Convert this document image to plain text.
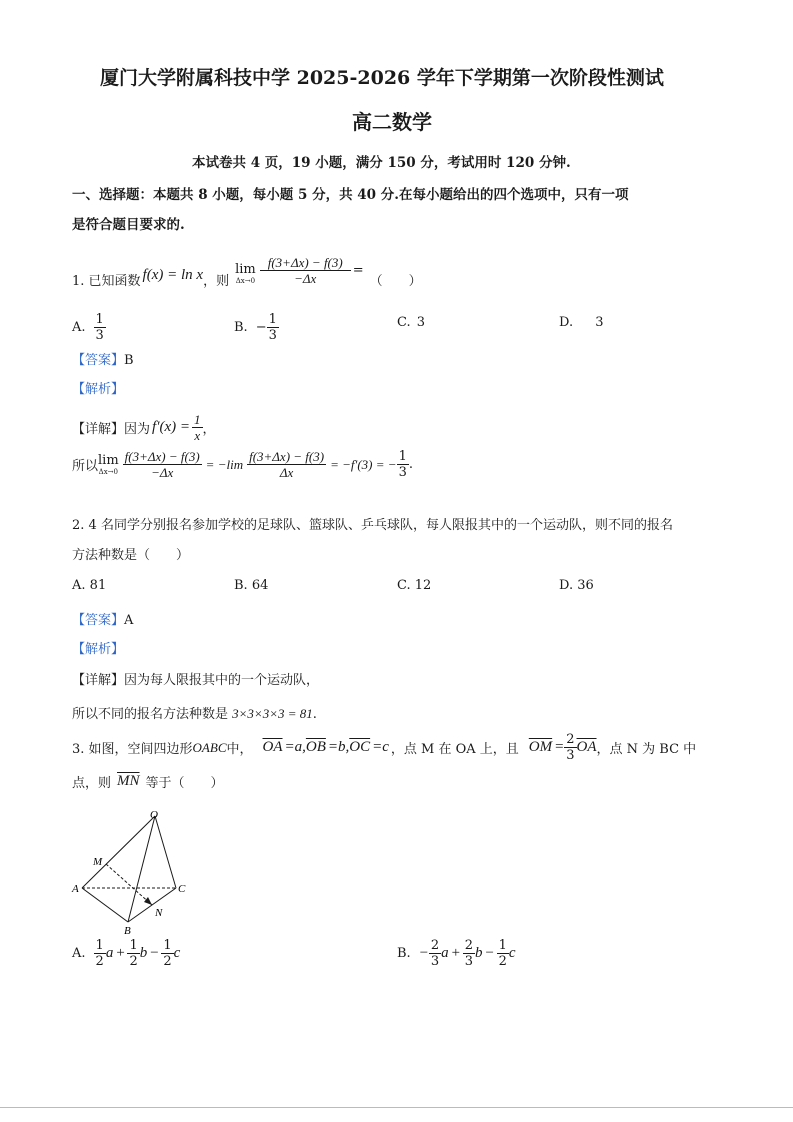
厦门大学附属科技中学 2025-2026 学年下学期第一次阶段性测试
高二数学
本试卷共 4 页，19 小题，满分 150 分，考试用时 120 分钟.
一、选择题：本题共 8 小题，每小题 5 分，共 40 分.在每小题给出的四个选项中，只有一项
是符合题目要求的.
1. 已知函数 f(x) = ln x ，则
lim
$\Delta x\to 0 \frac{f(3+\Delta x) - f(3)}{-\Delta x}$ =
（　　）
A. $\frac{1}{3}$	B. − $\frac{1}{3}$	C. 3	D. 3
【答案】B
【解析】
【详解】 因为 $f'(x) = \frac{1}{x}$ ，
所以 lim
$\Delta x\to 0 \frac{f(3+\Delta x) - f(3)}{-\Delta x} = -\lim \frac{f(3+\Delta x) - f(3)}{\Delta x} = -f'(3)$ = − $\frac{1}{3}$ .
2. 4 名同学分别报名参加学校的足球队、篮球队、乒乓球队，每人限报其中的一个运动队，则不同的报名
方法种数是（　　）
A. 81	B. 64	C. 12	D. 36
【答案】A
【解析】
【详解】因为每人限报其中的一个运动队，
所以不同的报名方法种数是 3×3×3×3 = 81.
3. 如图，空间四边形 OABC 中， $\overline{OA} =a$, $\overline{OB} =b$, $\overline{OC} =c$ ，点 M 在 OA 上，且 $\overline{OM} = \frac{2}{3} \overline{OA}$ ，点 N 为 BC 中
点，则 $\overline{MN}$ 等于（　　）
O
M
A	C
N
B
A. $\frac{1}{2}$ $a + \frac{1}{2}$ $b - \frac{1}{2}$ c	B. − $\frac{2}{3}$ $a + \frac{2}{3}$ $b - \frac{1}{2}$ c
